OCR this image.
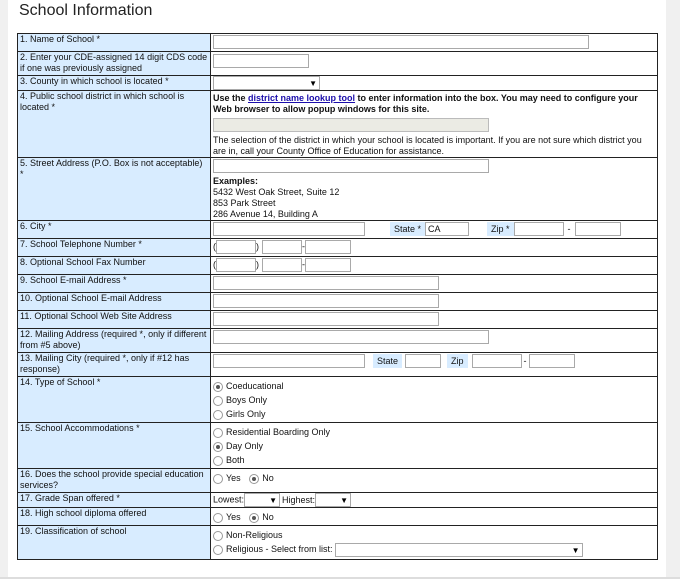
School Information
1. Name of School *	
2. Enter your CDE-assigned 14 digit CDS code if one was previously assigned	
3. County in which school is located *	▼

4. Public school district in which school is located *	Use the district name lookup tool to enter information into the box. You may need to configure your Web browser to allow popup windows for this site.
The selection of the district in which your school is located is important. If you are not sure which district you are in, call your County Office of Education for assistance.

5. Street Address (P.O. Box is not acceptable) *	Examples:
5432 West Oak Street, Suite 12
853 Park Street
286 Avenue 14, Building A

6. City *	State * CA Zip * -
7. School Telephone Number *	( ) -
8. Optional School Fax Number	( ) -
9. School E-mail Address *	
10. Optional School E-mail Address	
11. Optional School Web Site Address	
12. Mailing Address (required *, only if different from #5 above)	
13. Mailing City (required *, only if #12 has response)	State Zip -
14. Type of School *	Coeducational
Boys Only
Girls Only

15. School Accommodations *	Residential Boarding Only
Day Only
Both

16. Does the school provide special education services?	Yes No
17. Grade Span offered *	Lowest: ▼ Highest: ▼

18. High school diploma offered	Yes No
19. Classification of school	Non-Religious
Religious - Select from list: ▼
